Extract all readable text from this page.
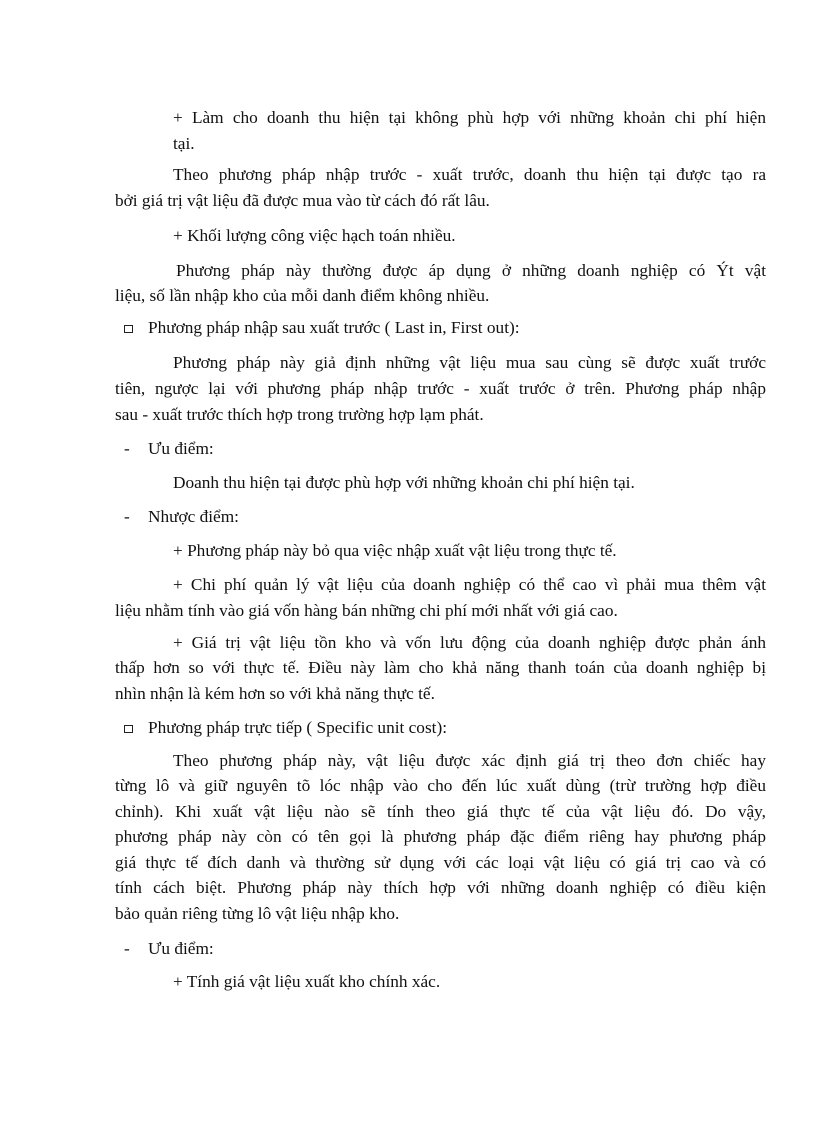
+ Làm cho doanh thu hiện tại không phù hợp với những khoản chi phí hiện
tại.
Theo phương pháp nhập trước - xuất trước, doanh thu hiện tại được tạo ra
bởi giá trị vật liệu đã được mua vào từ cách đó rất lâu.
+ Khối lượng công việc hạch toán nhiều.
Phương pháp này thường được áp dụng ở những doanh nghiệp có Ýt vật
liệu, số lần nhập kho của mỗi danh điểm không nhiều.
Phương pháp nhập sau xuất trước ( Last in, First out):
Phương pháp này giả định những vật liệu mua sau cùng sẽ được xuất trước
tiên, ngược lại với phương pháp nhập trước - xuất trước ở trên. Phương pháp nhập
sau - xuất trước thích hợp trong trường hợp lạm phát.
- Ưu điểm:
Doanh thu hiện tại được phù hợp với những khoản chi phí hiện tại.
- Nhược điểm:
+ Phương pháp này bỏ qua việc nhập xuất vật liệu trong thực tế.
+ Chi phí quản lý vật liệu của doanh nghiệp có thể cao vì phải mua thêm vật
liệu nhằm tính vào giá vốn hàng bán những chi phí mới nhất với giá cao.
+ Giá trị vật liệu tồn kho và vốn lưu động của doanh nghiệp được phản ánh
thấp hơn so với thực tế. Điều này làm cho khả năng thanh toán của doanh nghiệp bị
nhìn nhận là kém hơn so với khả năng thực tế.
Phương pháp trực tiếp ( Specific unit cost):
Theo phương pháp này, vật liệu được xác định giá trị theo đơn chiếc hay
từng lô và giữ nguyên tõ lóc nhập vào cho đến lúc xuất dùng (trừ trường hợp điều
chỉnh). Khi xuất vật liệu nào sẽ tính theo giá thực tế của vật liệu đó. Do vậy,
phương pháp này còn có tên gọi là phương pháp đặc điểm riêng hay phương pháp
giá thực tế đích danh và thường sử dụng với các loại vật liệu có giá trị cao và có
tính cách biệt. Phương pháp này thích hợp với những doanh nghiệp có điều kiện
bảo quản riêng từng lô vật liệu nhập kho.
- Ưu điểm:
+ Tính giá vật liệu xuất kho chính xác.
